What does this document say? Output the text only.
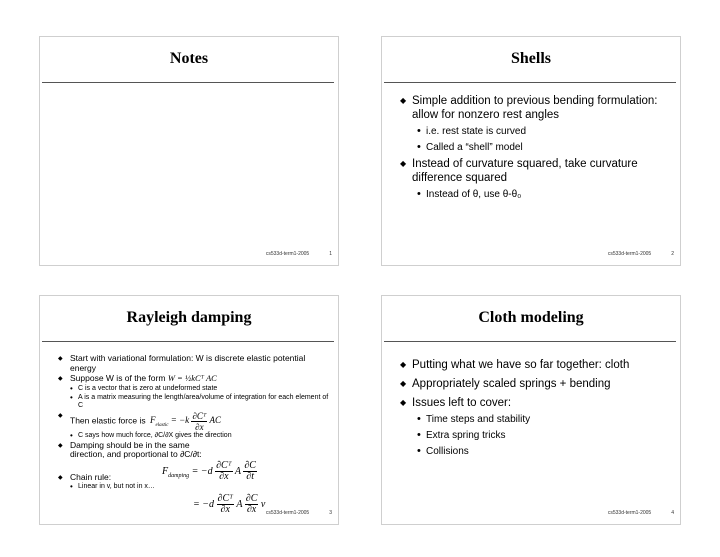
Notes
cs533d-term1-2005	1
Shells
◆ Simple addition to previous bending formulation: allow for nonzero rest angles
• i.e. rest state is curved
• Called a “shell” model
◆ Instead of curvature squared, take curvature difference squared
• Instead of θ, use θ-θ₀
cs533d-term1-2005	2
Rayleigh damping
◆ Start with variational formulation: W is discrete elastic potential energy
◆ Suppose W is of the form W = ½kCᵀ AC
• C is a vector that is zero at undeformed state
• A is a matrix measuring the length/area/volume of integration for each element of C
◆ Then elastic force is $F_{elastic} = -k \frac{\text{∂Cᵀ}}{\partial x}$ AC
• C says how much force, ∂C/∂X gives the direction
◆ Damping should be in the same direction, and proportional to ∂C/∂t:
◆ Chain rule:
• Linear in v, but not in x…
$F_{damping} = -d \frac{\text{∂Cᵀ}}{\partial x}$ A $\frac{\partial C}{\partial t}$
= $-d \frac{\text{∂Cᵀ}}{\partial x}$ A $\frac{\partial C}{\partial x}$ v
cs533d-term1-2005	3
Cloth modeling
◆ Putting what we have so far together: cloth
◆ Appropriately scaled springs + bending
◆ Issues left to cover:
• Time steps and stability
• Extra spring tricks
• Collisions
cs533d-term1-2005	4
